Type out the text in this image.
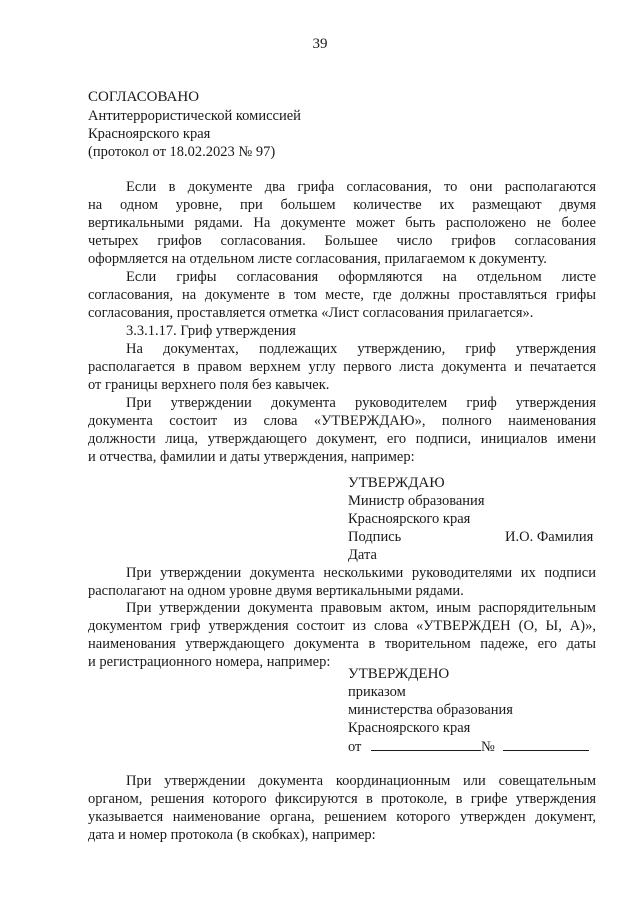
39
СОГЛАСОВАНО
Антитеррористической комиссией
Красноярского края
(протокол от 18.02.2023 № 97)
Если в документе два грифа согласования, то они располагаются
на одном уровне, при большем количестве их размещают двумя
вертикальными рядами. На документе может быть расположено не более
четырех грифов согласования. Большее число грифов согласования
оформляется на отдельном листе согласования, прилагаемом к документу.
Если грифы согласования оформляются на отдельном листе
согласования, на документе в том месте, где должны проставляться грифы
согласования, проставляется отметка «Лист согласования прилагается».
3.3.1.17. Гриф утверждения
На документах, подлежащих утверждению, гриф утверждения
располагается в правом верхнем углу первого листа документа и печатается
от границы верхнего поля без кавычек.
При утверждении документа руководителем гриф утверждения
документа состоит из слова «УТВЕРЖДАЮ», полного наименования
должности лица, утверждающего документ, его подписи, инициалов имени
и отчества, фамилии и даты утверждения, например:
УТВЕРЖДАЮ
Министр образования
Красноярского края
Подпись	И.О. Фамилия
Дата
При утверждении документа несколькими руководителями их подписи
располагают на одном уровне двумя вертикальными рядами.
При утверждении документа правовым актом, иным распорядительным
документом гриф утверждения состоит из слова «УТВЕРЖДЕН (О, Ы, А)»,
наименования утверждающего документа в творительном падеже, его даты
и регистрационного номера, например:
УТВЕРЖДЕНО
приказом
министерства образования
Красноярского края
от	№
При утверждении документа координационным или совещательным
органом, решения которого фиксируются в протоколе, в грифе утверждения
указывается наименование органа, решением которого утвержден документ,
дата и номер протокола (в скобках), например:
